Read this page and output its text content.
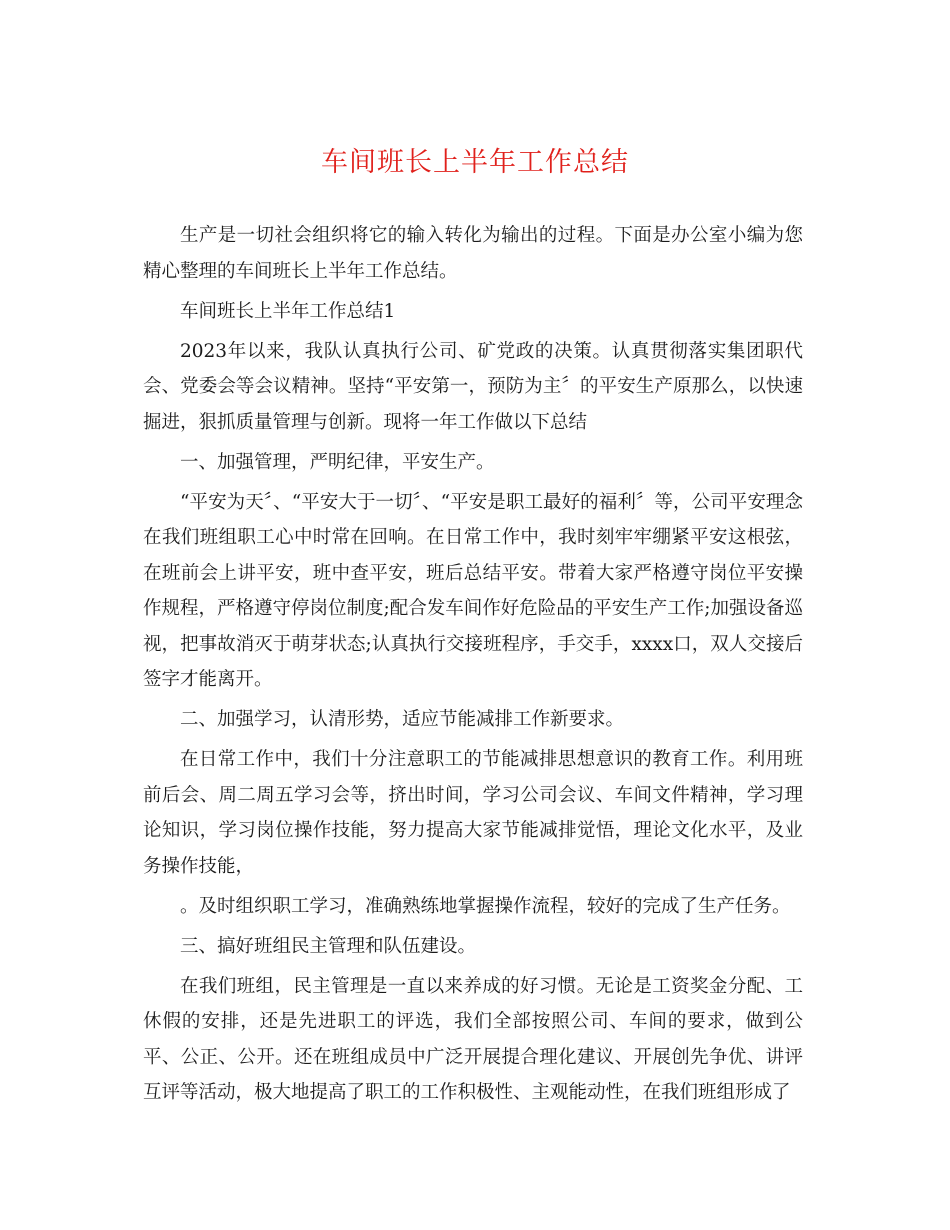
车间班长上半年工作总结

生产是一切社会组织将它的输入转化为输出的过程。下面是办公室小编为您精心整理的车间班长上半年工作总结。

车间班长上半年工作总结1

2023年以来，我队认真执行公司、矿党政的决策。认真贯彻落实集团职代会、党委会等会议精神。坚持“平安第一，预防为主〞的平安生产原那么，以快速掘进，狠抓质量管理与创新。现将一年工作做以下总结

一、加强管理，严明纪律，平安生产。

“平安为天〞、“平安大于一切〞、“平安是职工最好的福利〞等，公司平安理念在我们班组职工心中时常在回响。在日常工作中，我时刻牢牢绷紧平安这根弦，在班前会上讲平安，班中查平安，班后总结平安。带着大家严格遵守岗位平安操作规程，严格遵守停岗位制度;配合发车间作好危险品的平安生产工作;加强设备巡视，把事故消灭于萌芽状态;认真执行交接班程序，手交手，xxxx口，双人交接后签字才能离开。

二、加强学习，认清形势，适应节能减排工作新要求。

在日常工作中，我们十分注意职工的节能减排思想意识的教育工作。利用班前后会、周二周五学习会等，挤出时间，学习公司会议、车间文件精神，学习理论知识，学习岗位操作技能，努力提高大家节能减排觉悟，理论文化水平，及业务操作技能，

。及时组织职工学习，准确熟练地掌握操作流程，较好的完成了生产任务。

三、搞好班组民主管理和队伍建设。

在我们班组，民主管理是一直以来养成的好习惯。无论是工资奖金分配、工休假的安排，还是先进职工的评选，我们全部按照公司、车间的要求，做到公平、公正、公开。还在班组成员中广泛开展提合理化建议、开展创先争优、讲评互评等活动，极大地提高了职工的工作积极性、主观能动性，在我们班组形成了
